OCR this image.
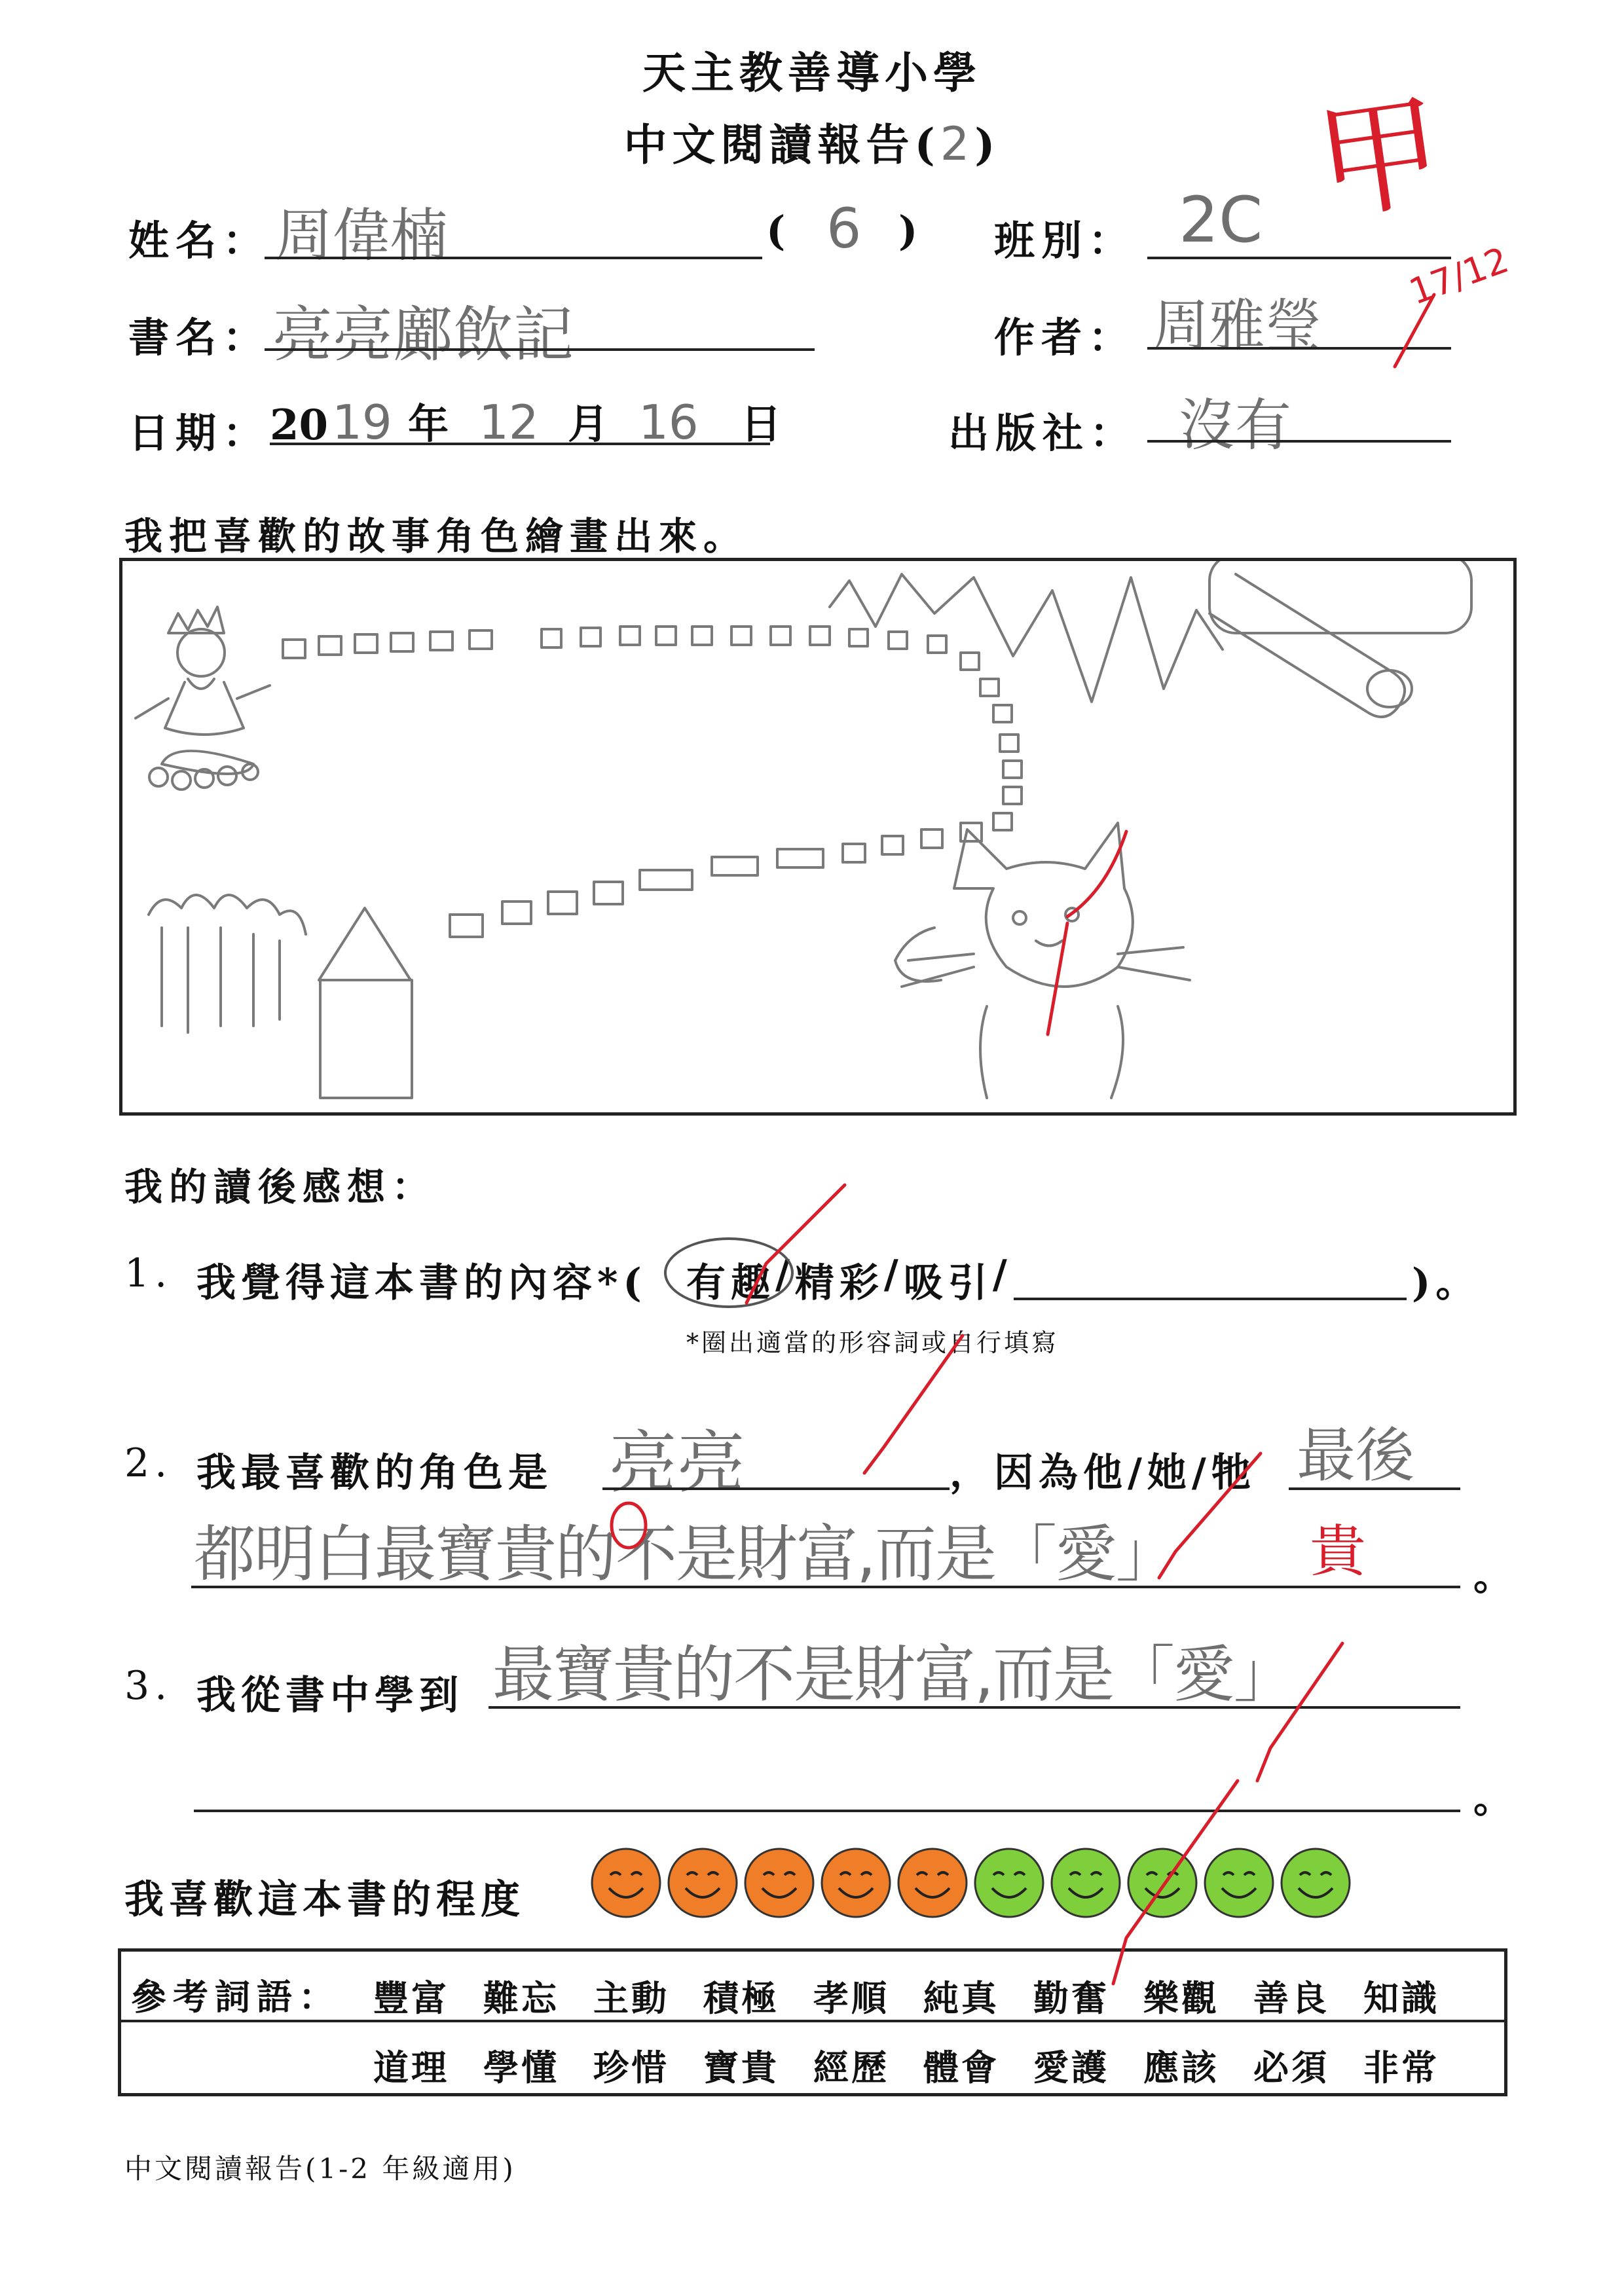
天主教善導小學
中文閱讀報告(2)
姓名： 周偉楠	( 6 ) 班別： 2C
書名： 亮亮鄺飲記	作者： 周雅瑩
日期： 20 19 年 12 月 16	日	出版社： 沒有
我把喜歡的故事角色繪畫出來。
我的讀後感想：
1. 我覺得這本書的內容*( 有趣 / 精彩 / 吸引 /	)。
*圈出適當的形容詞或自行填寫
2. 我最喜歡的角色是 亮亮	，因為他/她/牠 最後
都明白最寶貴的不是財富,而是「愛」	。
3. 我從書中學到 最寶貴的不是財富,而是「愛」
。
我喜歡這本書的程度
參考詞語： 豐富 難忘 主動 積極 孝順 純真 勤奮 樂觀 善良 知識
道理 學懂 珍惜 寶貴 經歷 體會 愛護 應該 必須 非常
中文閱讀報告(1-2 年級適用)
甲
17/12
貴
